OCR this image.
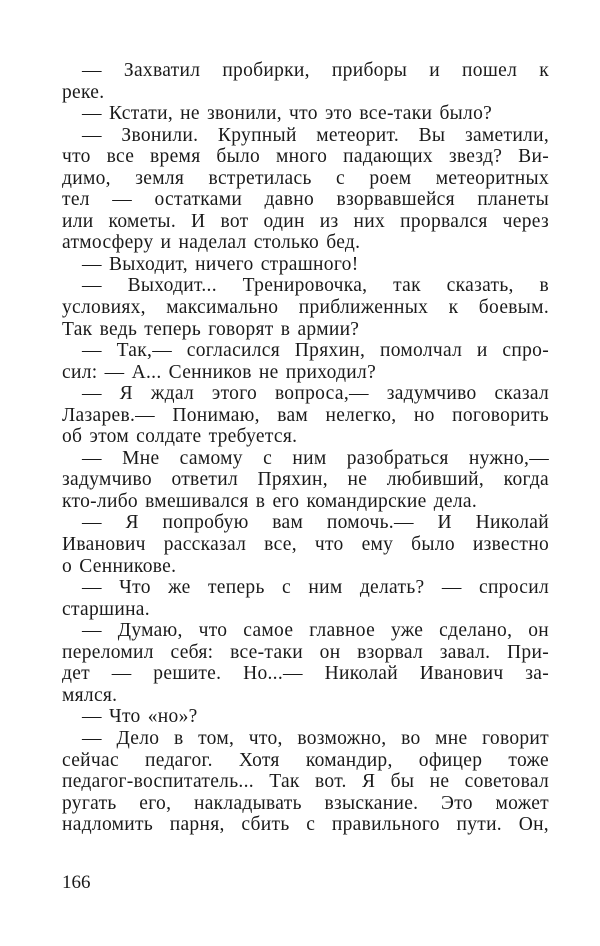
— Захватил пробирки, приборы и пошел к
реке.
— Кстати, не звонили, что это все-таки было?
— Звонили. Крупный метеорит. Вы заметили,
что все время было много падающих звезд? Ви-
димо, земля встретилась с роем метеоритных
тел — остатками давно взорвавшейся планеты
или кометы. И вот один из них прорвался через
атмосферу и наделал столько бед.
— Выходит, ничего страшного!
— Выходит... Тренировочка, так сказать, в
условиях, максимально приближенных к боевым.
Так ведь теперь говорят в армии?
— Так,— согласился Пряхин, помолчал и спро-
сил: — А... Сенников не приходил?
— Я ждал этого вопроса,— задумчиво сказал
Лазарев.— Понимаю, вам нелегко, но поговорить
об этом солдате требуется.
— Мне самому с ним разобраться нужно,—
задумчиво ответил Пряхин, не любивший, когда
кто-либо вмешивался в его командирские дела.
— Я попробую вам помочь.— И Николай
Иванович рассказал все, что ему было известно
о Сенникове.
— Что же теперь с ним делать? — спросил
старшина.
— Думаю, что самое главное уже сделано, он
переломил себя: все-таки он взорвал завал. При-
дет — решите. Но...— Николай Иванович за-
мялся.
— Что «но»?
— Дело в том, что, возможно, во мне говорит
сейчас педагог. Хотя командир, офицер тоже
педагог-воспитатель... Так вот. Я бы не советовал
ругать его, накладывать взыскание. Это может
надломить парня, сбить с правильного пути. Он,
166
